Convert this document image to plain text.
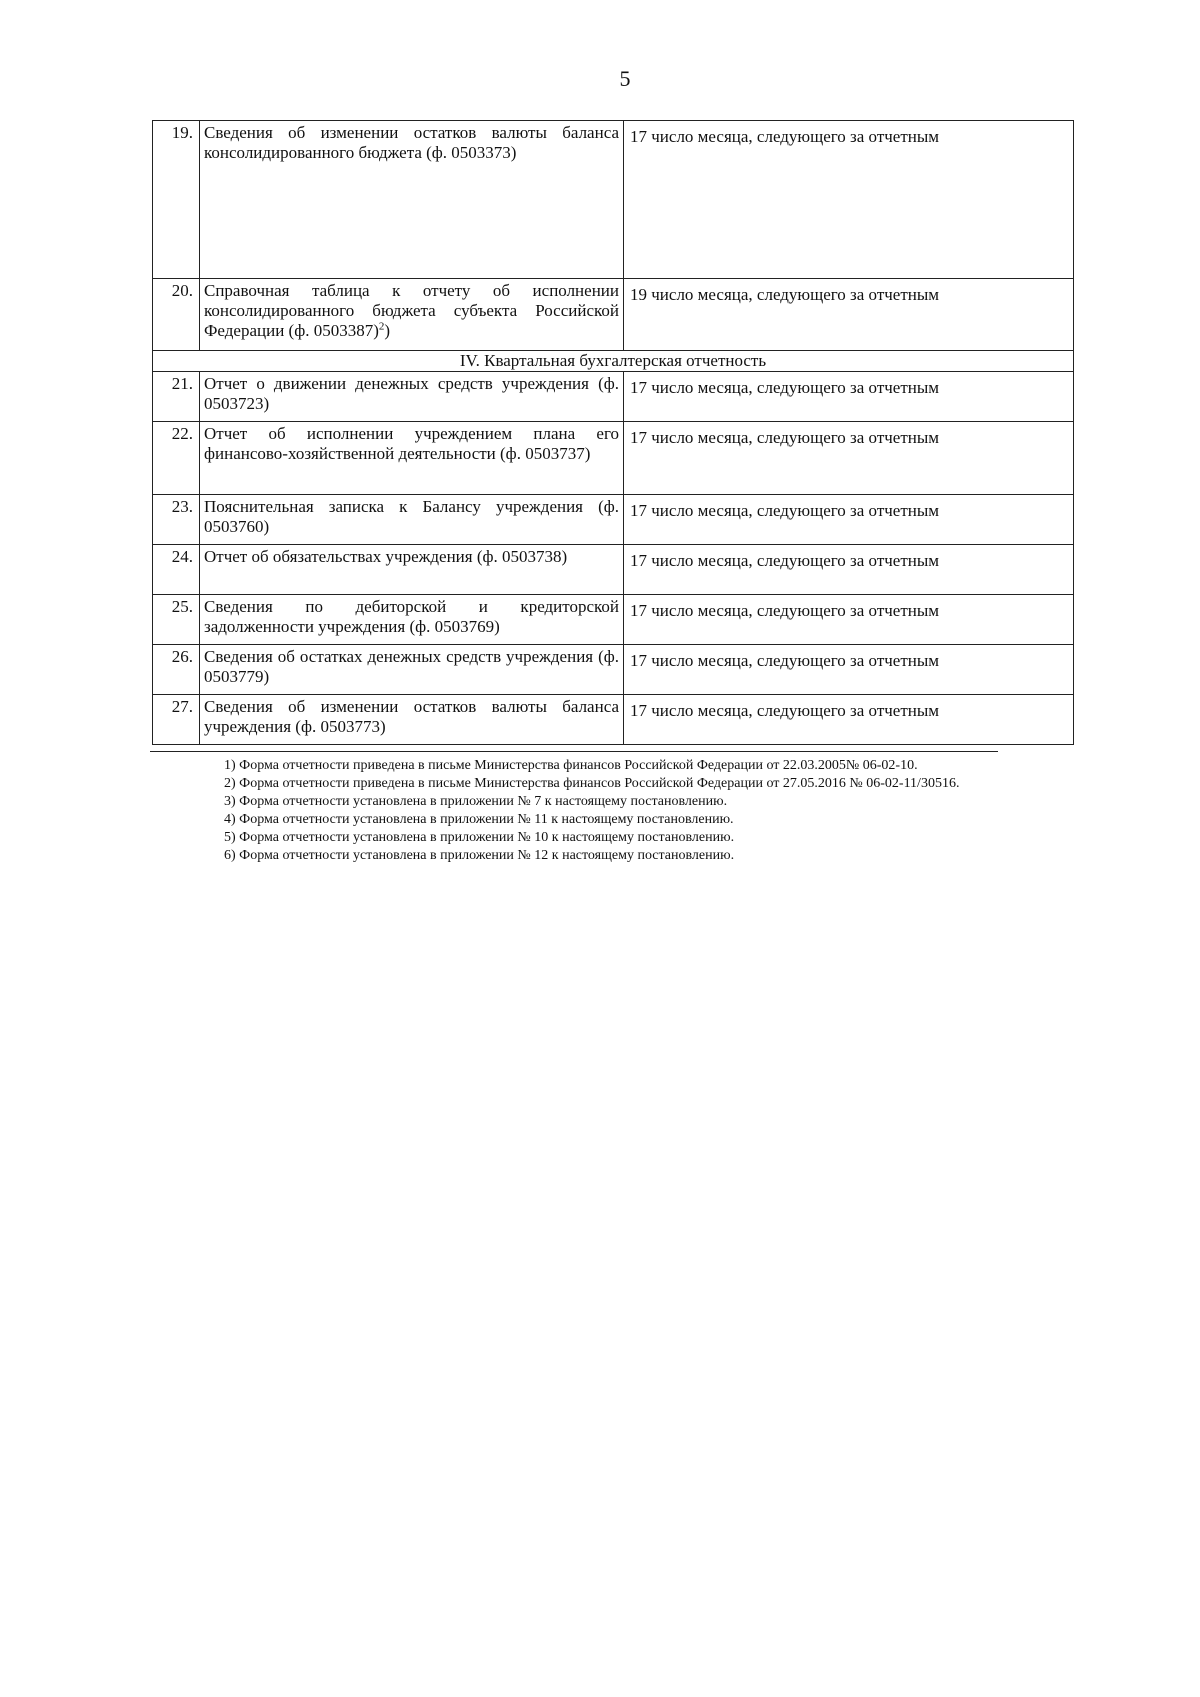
5
19.	Сведения об изменении остатков валюты баланса консолидированного бюджета (ф. 0503373)	17 число месяца, следующего за отчетным
20.	Справочная таблица к отчету об исполнении консолидированного бюджета субъекта Российской Федерации (ф. 0503387)$^2$)	19 число месяца, следующего за отчетным
IV. Квартальная бухгалтерская отчетность		
21.	Отчет о движении денежных средств учреждения (ф. 0503723)	17 число месяца, следующего за отчетным
22.	Отчет об исполнении учреждением плана его финансово-хозяйственной деятельности (ф. 0503737)	17 число месяца, следующего за отчетным
23.	Пояснительная записка к Балансу учреждения (ф. 0503760)	17 число месяца, следующего за отчетным
24.	Отчет об обязательствах учреждения (ф. 0503738)	17 число месяца, следующего за отчетным
25.	Сведения по дебиторской и кредиторской задолженности учреждения (ф. 0503769)	17 число месяца, следующего за отчетным
26.	Сведения об остатках денежных средств учреждения (ф. 0503779)	17 число месяца, следующего за отчетным
27.	Сведения об изменении остатков валюты баланса учреждения (ф. 0503773)	17 число месяца, следующего за отчетным
1) Форма отчетности приведена в письме Министерства финансов Российской Федерации от 22.03.2005№ 06-02-10.
2) Форма отчетности приведена в письме Министерства финансов Российской Федерации от 27.05.2016 № 06-02-11/30516.
3) Форма отчетности установлена в приложении № 7 к настоящему постановлению.
4) Форма отчетности установлена в приложении № 11 к настоящему постановлению.
5) Форма отчетности установлена в приложении № 10 к настоящему постановлению.
6) Форма отчетности установлена в приложении № 12 к настоящему постановлению.
